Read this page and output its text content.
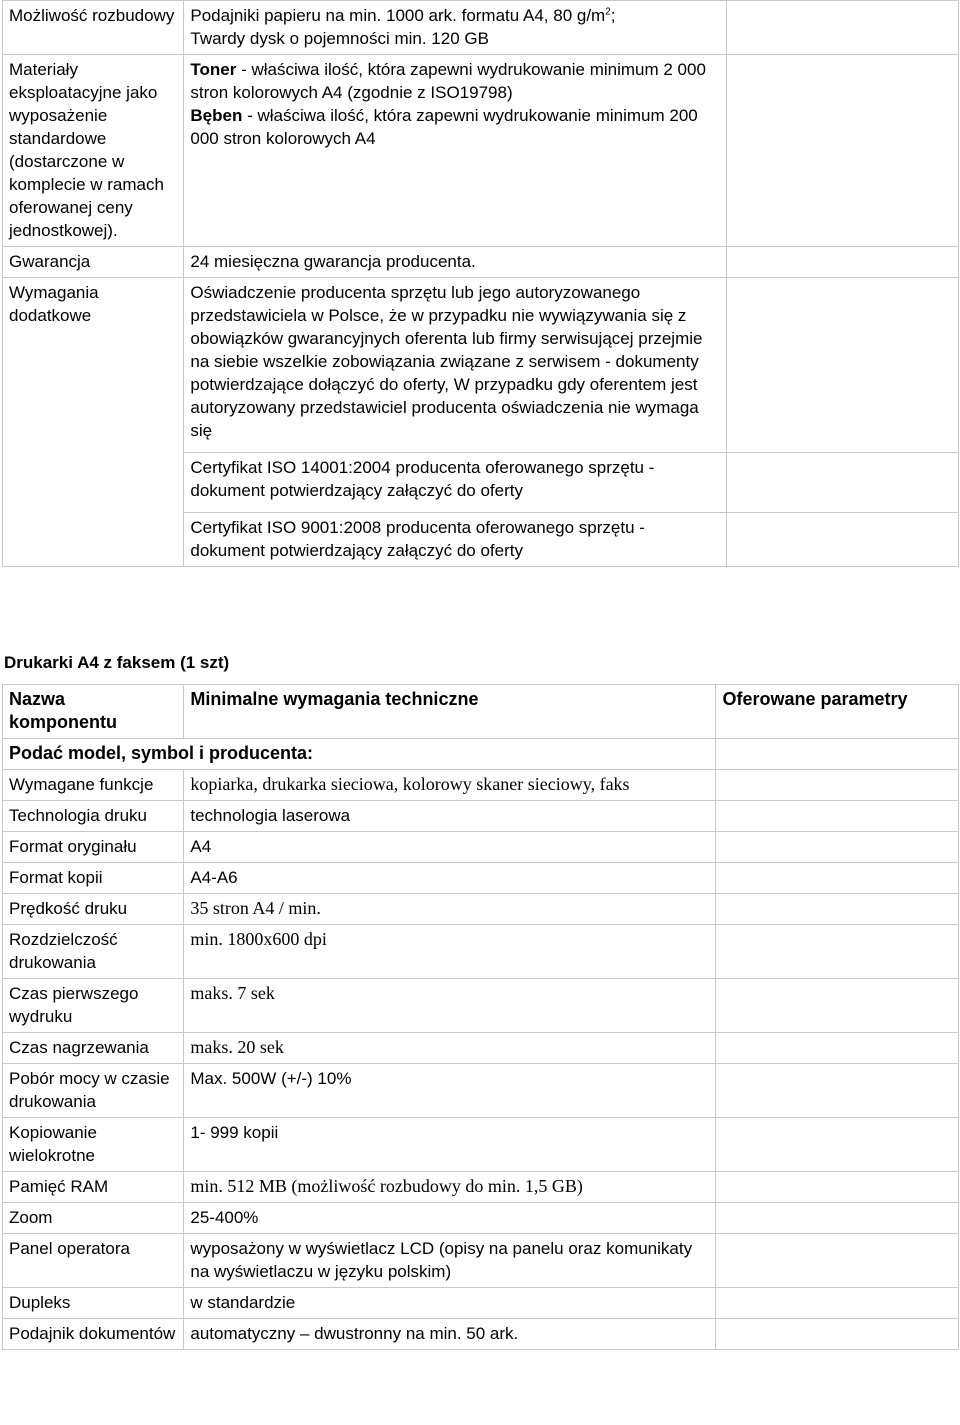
Możliwość rozbudowy	Podajniki papieru na min. 1000 ark. formatu A4, 80 $g/m^2$;
Twardy dysk o pojemności min. 120 GB	
Materiały eksploatacyjne jako wyposażenie standardowe (dostarczone w komplecie w ramach oferowanej ceny jednostkowej).	Toner - właściwa ilość, która zapewni wydrukowanie minimum 2 000 stron kolorowych A4 (zgodnie z ISO19798)
Bęben - właściwa ilość, która zapewni wydrukowanie minimum 200 000 stron kolorowych A4	
Gwarancja	24 miesięczna gwarancja producenta.	
Wymagania dodatkowe	Oświadczenie producenta sprzętu lub jego autoryzowanego przedstawiciela w Polsce, że w przypadku nie wywiązywania się z obowiązków gwarancyjnych oferenta lub firmy serwisującej przejmie na siebie wszelkie zobowiązania związane z serwisem - dokumenty potwierdzające dołączyć do oferty, W przypadku gdy oferentem jest autoryzowany przedstawiciel producenta oświadczenia nie wymaga się	
	Certyfikat ISO 14001:2004 producenta oferowanego sprzętu - dokument potwierdzający załączyć do oferty	
	Certyfikat ISO 9001:2008 producenta oferowanego sprzętu - dokument potwierdzający załączyć do oferty	
Drukarki A4 z faksem (1 szt)
Nazwa komponentu	Minimalne wymagania techniczne	Oferowane parametry
Podać model, symbol i producenta:		
Wymagane funkcje	kopiarka, drukarka sieciowa, kolorowy skaner sieciowy, faks	
Technologia druku	technologia laserowa	
Format oryginału	A4	
Format kopii	A4-A6	
Prędkość druku	35 stron A4 / min.	
Rozdzielczość drukowania	min. 1800x600 dpi	
Czas pierwszego wydruku	maks. 7 sek	
Czas nagrzewania	maks. 20 sek	
Pobór mocy w czasie drukowania	Max. 500W (+/-) 10%	
Kopiowanie wielokrotne	1- 999 kopii	
Pamięć RAM	min. 512 MB (możliwość rozbudowy do min. 1,5 GB)	
Zoom	25-400%	
Panel operatora	wyposażony w wyświetlacz LCD (opisy na panelu oraz komunikaty na wyświetlaczu w języku polskim)	
Dupleks	w standardzie	
Podajnik dokumentów	automatyczny – dwustronny na min. 50 ark.	
